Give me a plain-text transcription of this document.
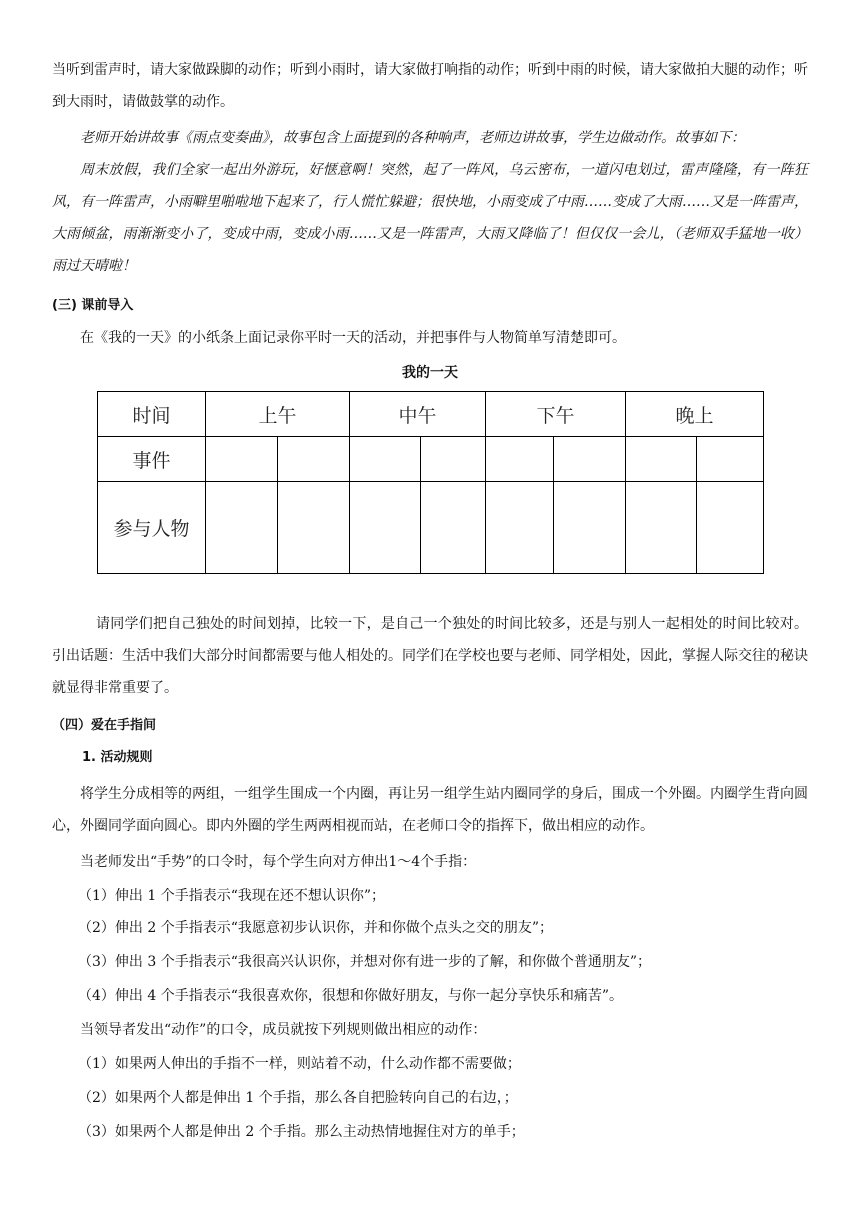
当听到雷声时，请大家做跺脚的动作；听到小雨时，请大家做打响指的动作；听到中雨的时候，请大家做拍大腿的动作；听到大雨时，请做鼓掌的动作。

老师开始讲故事《雨点变奏曲》，故事包含上面提到的各种响声，老师边讲故事，学生边做动作。故事如下：

周末放假，我们全家一起出外游玩，好惬意啊！突然，起了一阵风，乌云密布，一道闪电划过，雷声隆隆，有一阵狂风，有一阵雷声，小雨噼里啪啦地下起来了，行人慌忙躲避；很快地，小雨变成了中雨……变成了大雨……又是一阵雷声，大雨倾盆，雨渐渐变小了，变成中雨，变成小雨……又是一阵雷声，大雨又降临了！但仅仅一会儿，（老师双手猛地一收）雨过天晴啦！

(三) 课前导入

在《我的一天》的小纸条上面记录你平时一天的活动，并把事件与人物简单写清楚即可。

我的一天
时间	上午		中午		下午		晚上	
事件								
参与人物								

请同学们把自己独处的时间划掉，比较一下，是自己一个独处的时间比较多，还是与别人一起相处的时间比较对。引出话题：生活中我们大部分时间都需要与他人相处的。同学们在学校也要与老师、同学相处，因此，掌握人际交往的秘诀就显得非常重要了。

（四）爱在手指间

1. 活动规则

将学生分成相等的两组，一组学生围成一个内圈，再让另一组学生站内圈同学的身后，围成一个外圈。内圈学生背向圆心，外圈同学面向圆心。即内外圈的学生两两相视而站，在老师口令的指挥下，做出相应的动作。

当老师发出“手势”的口令时，每个学生向对方伸出1～4个手指：

（1）伸出 1 个手指表示“我现在还不想认识你”；

（2）伸出 2 个手指表示“我愿意初步认识你，并和你做个点头之交的朋友”；

（3）伸出 3 个手指表示“我很高兴认识你，并想对你有进一步的了解，和你做个普通朋友”；

（4）伸出 4 个手指表示“我很喜欢你，很想和你做好朋友，与你一起分享快乐和痛苦”。

当领导者发出“动作”的口令，成员就按下列规则做出相应的动作：

（1）如果两人伸出的手指不一样，则站着不动，什么动作都不需要做；

（2）如果两个人都是伸出 1 个手指，那么各自把脸转向自己的右边，；

（3）如果两个人都是伸出 2 个手指。那么主动热情地握住对方的单手；
